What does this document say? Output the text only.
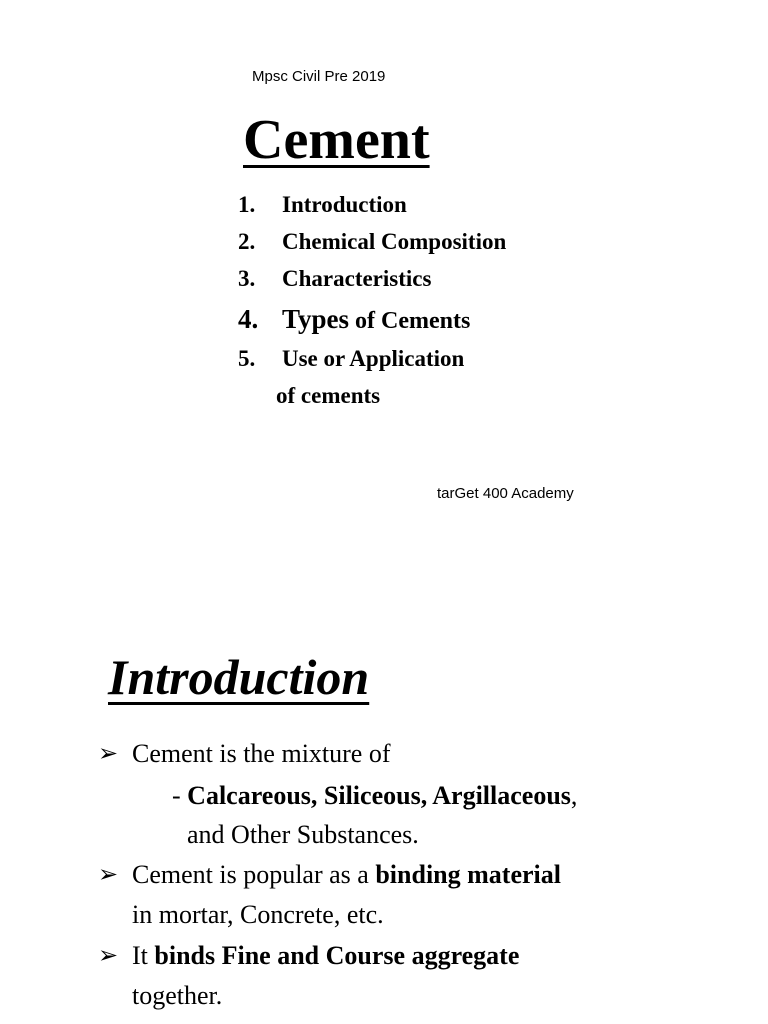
Mpsc Civil Pre 2019
Cement
1. Introduction
2. Chemical Composition
3. Characteristics
4. Types of Cements
5. Use or Application
of cements
tarGet 400 Academy
Introduction
➢ Cement is the mixture of
- Calcareous, Siliceous, Argillaceous,
and Other Substances.
➢ Cement is popular as a binding material
in mortar, Concrete, etc.
➢ It binds Fine and Course aggregate
together.
